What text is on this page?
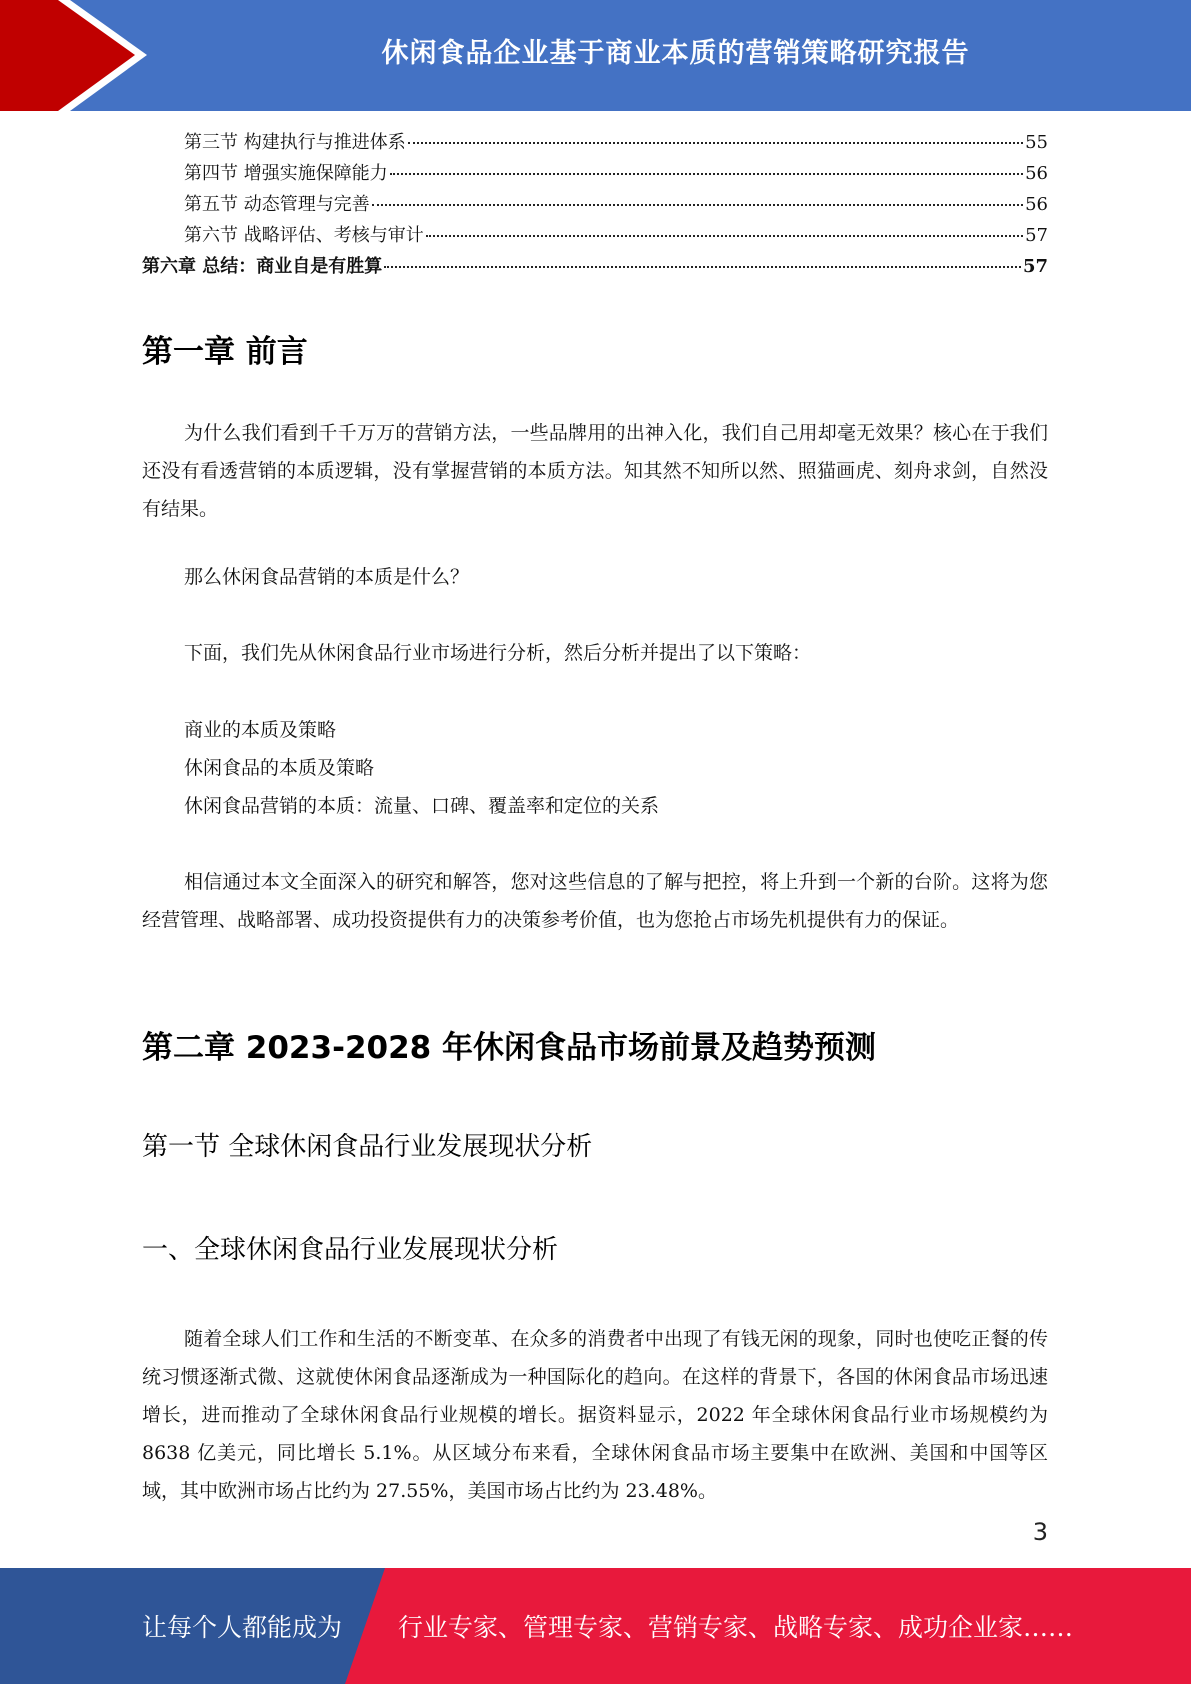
休闲食品企业基于商业本质的营销策略研究报告
第三节 构建执行与推进体系	55
第四节 增强实施保障能力	56
第五节 动态管理与完善	56
第六节 战略评估、考核与审计	57
第六章 总结：商业自是有胜算	57
第一章 前言

为什么我们看到千千万万的营销方法，一些品牌用的出神入化，我们自己用却毫无效果？核心在于我们还没有看透营销的本质逻辑，没有掌握营销的本质方法。知其然不知所以然、照猫画虎、刻舟求剑，自然没有结果。

那么休闲食品营销的本质是什么？
下面，我们先从休闲食品行业市场进行分析，然后分析并提出了以下策略：
商业的本质及策略
休闲食品的本质及策略
休闲食品营销的本质：流量、口碑、覆盖率和定位的关系

相信通过本文全面深入的研究和解答，您对这些信息的了解与把控，将上升到一个新的台阶。这将为您经营管理、战略部署、成功投资提供有力的决策参考价值，也为您抢占市场先机提供有力的保证。

第二章 2023-2028 年休闲食品市场前景及趋势预测
第一节 全球休闲食品行业发展现状分析
一、全球休闲食品行业发展现状分析

随着全球人们工作和生活的不断变革、在众多的消费者中出现了有钱无闲的现象，同时也使吃正餐的传统习惯逐渐式微、这就使休闲食品逐渐成为一种国际化的趋向。在这样的背景下，各国的休闲食品市场迅速增长，进而推动了全球休闲食品行业规模的增长。据资料显示，2022 年全球休闲食品行业市场规模约为 8638 亿美元，同比增长 5.1%。从区域分布来看，全球休闲食品市场主要集中在欧洲、美国和中国等区域，其中欧洲市场占比约为 27.55%，美国市场占比约为 23.48%。

3
让每个人都能成为 行业专家、管理专家、营销专家、战略专家、成功企业家……
